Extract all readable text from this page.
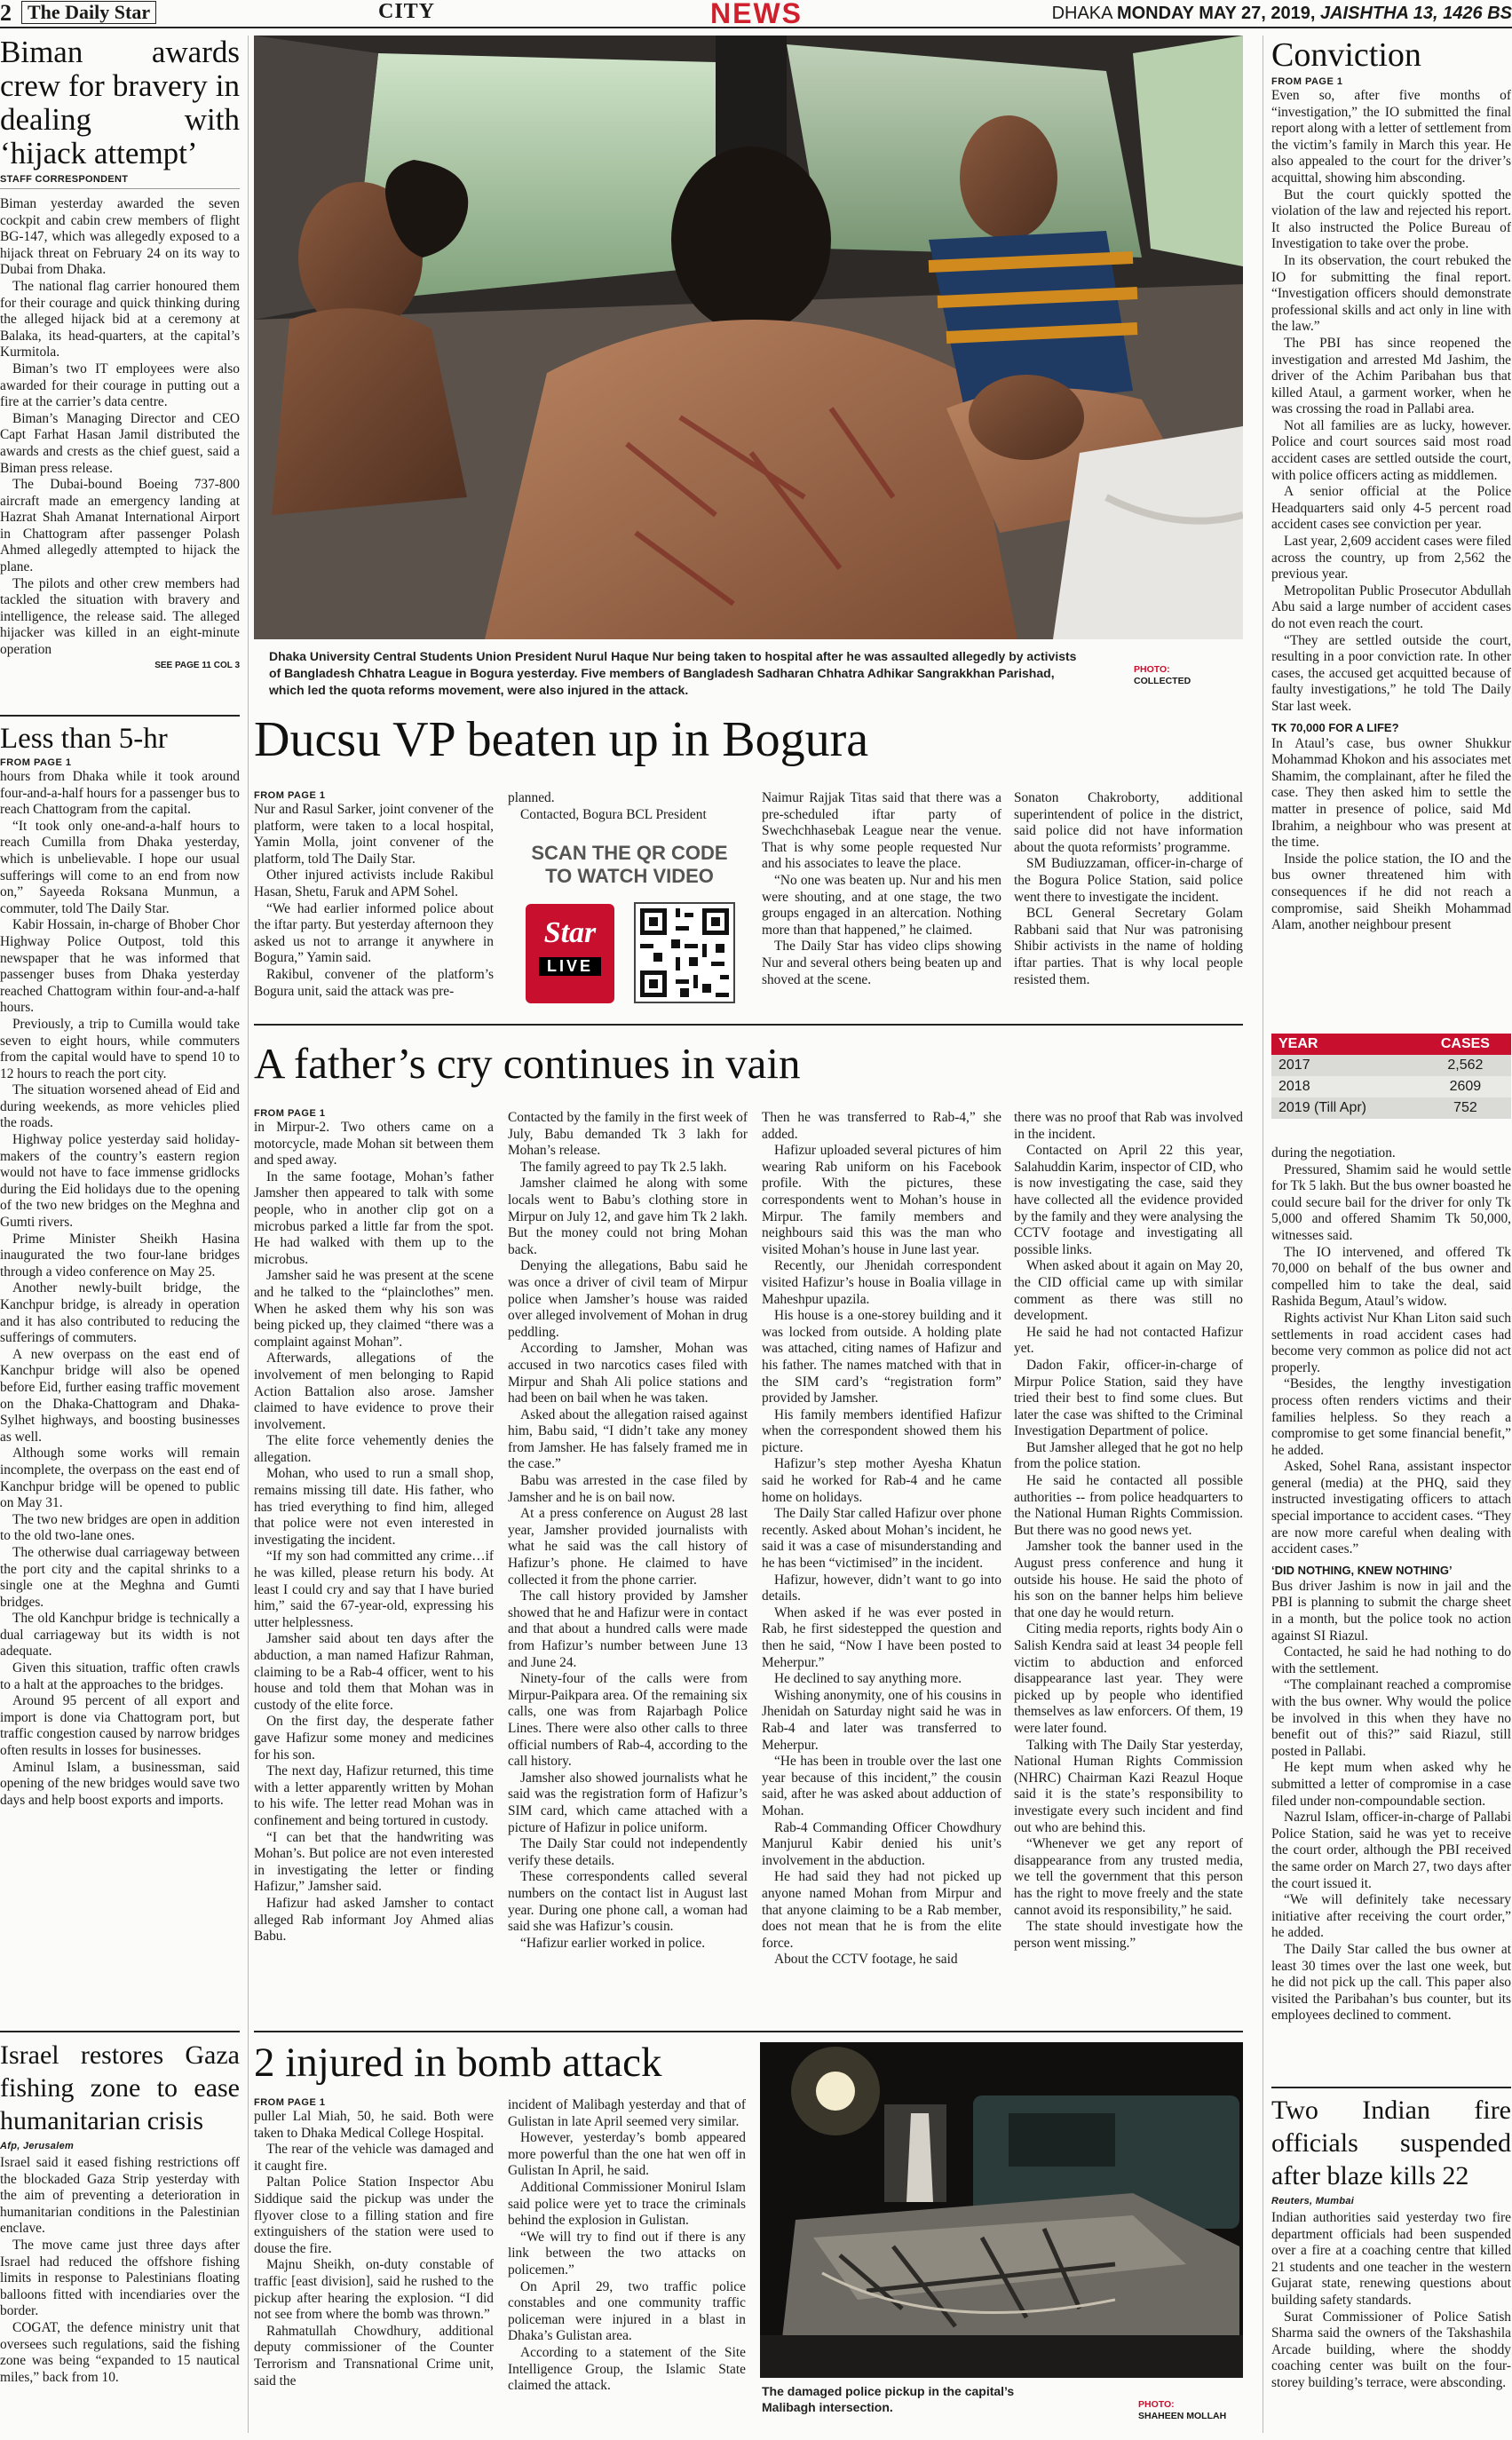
2 The Daily Star	CITY	NEWS	DHAKA MONDAY MAY 27, 2019, JAISHTHA 13, 1426 BS
Biman awards crew for bravery in dealing with ‘hijack attempt’
STAFF CORRESPONDENT

Biman yesterday awarded the seven cockpit and cabin crew members of flight BG-147, which was allegedly exposed to a hijack threat on February 24 on its way to Dubai from Dhaka.

The national flag carrier honoured them for their courage and quick thinking during the alleged hijack bid at a ceremony at Balaka, its head-quarters, at the capital’s Kurmitola.

Biman’s two IT employees were also awarded for their courage in putting out a fire at the carrier’s data centre.

Biman’s Managing Director and CEO Capt Farhat Hasan Jamil distributed the awards and crests as the chief guest, said a Biman press release.

The Dubai-bound Boeing 737-800 aircraft made an emergency landing at Hazrat Shah Amanat International Airport in Chattogram after passenger Polash Ahmed allegedly attempted to hijack the plane.

The pilots and other crew members had tackled the situation with bravery and intelligence, the release said. The alleged hijacker was killed in an eight-minute operation

SEE PAGE 11 COL 3
Less than 5-hr
FROM PAGE 1

hours from Dhaka while it took around four-and-a-half hours for a passenger bus to reach Chattogram from the capital.

“It took only one-and-a-half hours to reach Cumilla from Dhaka yesterday, which is unbelievable. I hope our usual sufferings will come to an end from now on,” Sayeeda Roksana Munmun, a commuter, told The Daily Star.

Kabir Hossain, in-charge of Bhober Chor Highway Police Outpost, told this newspaper that he was informed that passenger buses from Dhaka yesterday reached Chattogram within four-and-a-half hours.

Previously, a trip to Cumilla would take seven to eight hours, while commuters from the capital would have to spend 10 to 12 hours to reach the port city.

The situation worsened ahead of Eid and during weekends, as more vehicles plied the roads.

Highway police yesterday said holiday-makers of the country’s eastern region would not have to face immense gridlocks during the Eid holidays due to the opening of the two new bridges on the Meghna and Gumti rivers.

Prime Minister Sheikh Hasina inaugurated the two four-lane bridges through a video conference on May 25.

Another newly-built bridge, the Kanchpur bridge, is already in operation and it has also contributed to reducing the sufferings of commuters.

A new overpass on the east end of Kanchpur bridge will also be opened before Eid, further easing traffic movement on the Dhaka-Chattogram and Dhaka-Sylhet highways, and boosting businesses as well.

Although some works will remain incomplete, the overpass on the east end of Kanchpur bridge will be opened to public on May 31.

The two new bridges are open in addition to the old two-lane ones.

The otherwise dual carriageway between the port city and the capital shrinks to a single one at the Meghna and Gumti bridges.

The old Kanchpur bridge is technically a dual carriageway but its width is not adequate.

Given this situation, traffic often crawls to a halt at the approaches to the bridges.

Around 95 percent of all export and import is done via Chattogram port, but traffic congestion caused by narrow bridges often results in losses for businesses.

Aminul Islam, a businessman, said opening of the new bridges would save two days and help boost exports and imports.

Israel restores Gaza fishing zone to ease humanitarian crisis
Afp, Jerusalem

Israel said it eased fishing restrictions off the blockaded Gaza Strip yesterday with the aim of preventing a deterioration in humanitarian conditions in the Palestinian enclave.

The move came just three days after Israel had reduced the offshore fishing limits in response to Palestinians floating balloons fitted with incendiaries over the border.

COGAT, the defence ministry unit that oversees such regulations, said the fishing zone was being “expanded to 15 nautical miles,” back from 10.

Dhaka University Central Students Union President Nurul Haque Nur being taken to hospital after he was assaulted allegedly by activists of Bangladesh Chhatra League in Bogura yesterday. Five members of Bangladesh Sadharan Chhatra Adhikar Sangrakkhan Parishad, which led the quota reforms movement, were also injured in the attack.
PHOTO:
COLLECTED
Ducsu VP beaten up in Bogura
FROM PAGE 1

Nur and Rasul Sarker, joint convener of the platform, were taken to a local hospital, Yamin Molla, joint convener of the platform, told The Daily Star.

Other injured activists include Rakibul Hasan, Shetu, Faruk and APM Sohel.

“We had earlier informed police about the iftar party. But yesterday afternoon they asked us not to arrange it anywhere in Bogura,” Yamin said.

Rakibul, convener of the platform’s Bogura unit, said the attack was pre-

planned.

Contacted, Bogura BCL President

SCAN THE QR CODE TO WATCH VIDEO
Star
LIVE

Naimur Rajjak Titas said that there was a pre-scheduled iftar party of Swechchhasebak League near the venue. That is why some people requested Nur and his associates to leave the place.

“No one was beaten up. Nur and his men were shouting, and at one stage, the two groups engaged in an altercation. Nothing more than that happened,” he claimed.

The Daily Star has video clips showing Nur and several others being beaten up and shoved at the scene.

Sonaton Chakroborty, additional superintendent of police in the district, said police did not have information about the quota reformists’ programme.

SM Budiuzzaman, officer-in-charge of the Bogura Police Station, said police went there to investigate the incident.

BCL General Secretary Golam Rabbani said that Nur was patronising Shibir activists in the name of holding iftar parties. That is why local people resisted them.

A father’s cry continues in vain
FROM PAGE 1

in Mirpur-2. Two others came on a motorcycle, made Mohan sit between them and sped away.

In the same footage, Mohan’s father Jamsher then appeared to talk with some people, who in another clip got on a microbus parked a little far from the spot. He had walked with them up to the microbus.

Jamsher said he was present at the scene and he talked to the “plainclothes” men. When he asked them why his son was being picked up, they claimed “there was a complaint against Mohan”.

Afterwards, allegations of the involvement of men belonging to Rapid Action Battalion also arose. Jamsher claimed to have evidence to prove their involvement.

The elite force vehemently denies the allegation.

Mohan, who used to run a small shop, remains missing till date. His father, who has tried everything to find him, alleged that police were not even interested in investigating the incident.

“If my son had committed any crime…if he was killed, please return his body. At least I could cry and say that I have buried him,” said the 67-year-old, expressing his utter helplessness.

Jamsher said about ten days after the abduction, a man named Hafizur Rahman, claiming to be a Rab-4 officer, went to his house and told them that Mohan was in custody of the elite force.

On the first day, the desperate father gave Hafizur some money and medicines for his son.

The next day, Hafizur returned, this time with a letter apparently written by Mohan to his wife. The letter read Mohan was in confinement and being tortured in custody.

“I can bet that the handwriting was Mohan’s. But police are not even interested in investigating the letter or finding Hafizur,” Jamsher said.

Hafizur had asked Jamsher to contact alleged Rab informant Joy Ahmed alias Babu.

Contacted by the family in the first week of July, Babu demanded Tk 3 lakh for Mohan’s release.

The family agreed to pay Tk 2.5 lakh.

Jamsher claimed he along with some locals went to Babu’s clothing store in Mirpur on July 12, and gave him Tk 2 lakh. But the money could not bring Mohan back.

Denying the allegations, Babu said he was once a driver of civil team of Mirpur police when Jamsher’s house was raided over alleged involvement of Mohan in drug peddling.

According to Jamsher, Mohan was accused in two narcotics cases filed with Mirpur and Shah Ali police stations and had been on bail when he was taken.

Asked about the allegation raised against him, Babu said, “I didn’t take any money from Jamsher. He has falsely framed me in the case.”

Babu was arrested in the case filed by Jamsher and he is on bail now.

At a press conference on August 28 last year, Jamsher provided journalists with what he said was the call history of Hafizur’s phone. He claimed to have collected it from the phone carrier.

The call history provided by Jamsher showed that he and Hafizur were in contact and that about a hundred calls were made from Hafizur’s number between June 13 and June 24.

Ninety-four of the calls were from Mirpur-Paikpara area. Of the remaining six calls, one was from Rajarbagh Police Lines. There were also other calls to three official numbers of Rab-4, according to the call history.

Jamsher also showed journalists what he said was the registration form of Hafizur’s SIM card, which came attached with a picture of Hafizur in police uniform.

The Daily Star could not independently verify these details.

These correspondents called several numbers on the contact list in August last year. During one phone call, a woman had said she was Hafizur’s cousin.

“Hafizur earlier worked in police.

Then he was transferred to Rab-4,” she added.

Hafizur uploaded several pictures of him wearing Rab uniform on his Facebook profile. With the pictures, these correspondents went to Mohan’s house in Mirpur. The family members and neighbours said this was the man who visited Mohan’s house in June last year.

Recently, our Jhenidah correspondent visited Hafizur’s house in Boalia village in Maheshpur upazila.

His house is a one-storey building and it was locked from outside. A holding plate was attached, citing names of Hafizur and his father. The names matched with that in the SIM card’s “registration form” provided by Jamsher.

His family members identified Hafizur when the correspondent showed them his picture.

Hafizur’s step mother Ayesha Khatun said he worked for Rab-4 and he came home on holidays.

The Daily Star called Hafizur over phone recently. Asked about Mohan’s incident, he said it was a case of misunderstanding and he has been “victimised” in the incident.

Hafizur, however, didn’t want to go into details.

When asked if he was ever posted in Rab, he first sidestepped the question and then he said, “Now I have been posted to Meherpur.”

He declined to say anything more.

Wishing anonymity, one of his cousins in Jhenidah on Saturday night said he was in Rab-4 and later was transferred to Meherpur.

“He has been in trouble over the last one year because of this incident,” the cousin said, after he was asked about adduction of Mohan.

Rab-4 Commanding Officer Chowdhury Manjurul Kabir denied his unit’s involvement in the abduction.

He had said they had not picked up anyone named Mohan from Mirpur and that anyone claiming to be a Rab member, does not mean that he is from the elite force.

About the CCTV footage, he said

there was no proof that Rab was involved in the incident.

Contacted on April 22 this year, Salahuddin Karim, inspector of CID, who is now investigating the case, said they have collected all the evidence provided by the family and they were analysing the CCTV footage and investigating all possible links.

When asked about it again on May 20, the CID official came up with similar comment as there was still no development.

He said he had not contacted Hafizur yet.

Dadon Fakir, officer-in-charge of Mirpur Police Station, said they have tried their best to find some clues. But later the case was shifted to the Criminal Investigation Department of police.

But Jamsher alleged that he got no help from the police station.

He said he contacted all possible authorities -- from police headquarters to the National Human Rights Commission. But there was no good news yet.

Jamsher took the banner used in the August press conference and hung it outside his house. He said the photo of his son on the banner helps him believe that one day he would return.

Citing media reports, rights body Ain o Salish Kendra said at least 34 people fell victim to abduction and enforced disappearance last year. They were picked up by people who identified themselves as law enforcers. Of them, 19 were later found.

Talking with The Daily Star yesterday, National Human Rights Commission (NHRC) Chairman Kazi Reazul Hoque said it is the state’s responsibility to investigate every such incident and find out who are behind this.

“Whenever we get any report of disappearance from any trusted media, we tell the government that this person has the right to move freely and the state cannot avoid its responsibility,” he said.

The state should investigate how the person went missing.”

2 injured in bomb attack
FROM PAGE 1

puller Lal Miah, 50, he said. Both were taken to Dhaka Medical College Hospital.

The rear of the vehicle was damaged and it caught fire.

Paltan Police Station Inspector Abu Siddique said the pickup was under the flyover close to a filling station and fire extinguishers of the station were used to douse the fire.

Majnu Sheikh, on-duty constable of traffic [east division], said he rushed to the pickup after hearing the explosion. “I did not see from where the bomb was thrown.”

Rahmatullah Chowdhury, additional deputy commissioner of the Counter Terrorism and Transnational Crime unit, said the

incident of Malibagh yesterday and that of Gulistan in late April seemed very similar.

However, yesterday’s bomb appeared more powerful than the one hat wen off in Gulistan In April, he said.

Additional Commissioner Monirul Islam said police were yet to trace the criminals behind the explosion in Gulistan.

“We will try to find out if there is any link between the two attacks on policemen.”

On April 29, two traffic police constables and one community traffic policeman were injured in a blast in Dhaka’s Gulistan area.

According to a statement of the Site Intelligence Group, the Islamic State claimed the attack.	The damaged police pickup in the capital’s Malibagh intersection.	PHOTO:
SHAHEEN MOLLAH
Conviction
FROM PAGE 1

Even so, after five months of “investigation,” the IO submitted the final report along with a letter of settlement from the victim’s family in March this year. He also appealed to the court for the driver’s acquittal, showing him absconding.

But the court quickly spotted the violation of the law and rejected his report. It also instructed the Police Bureau of Investigation to take over the probe.

In its observation, the court rebuked the IO for submitting the final report. “Investigation officers should demonstrate professional skills and act only in line with the law.”

The PBI has since reopened the investigation and arrested Md Jashim, the driver of the Achim Paribahan bus that killed Ataul, a garment worker, when he was crossing the road in Pallabi area.

Not all families are as lucky, however. Police and court sources said most road accident cases are settled outside the court, with police officers acting as middlemen.

A senior official at the Police Headquarters said only 4-5 percent road accident cases see conviction per year.

Last year, 2,609 accident cases were filed across the country, up from 2,562 the previous year.

Metropolitan Public Prosecutor Abdullah Abu said a large number of accident cases do not even reach the court.

“They are settled outside the court, resulting in a poor conviction rate. In other cases, the accused get acquitted because of faulty investigations,” he told The Daily Star last week.

TK 70,000 FOR A LIFE?

In Ataul’s case, bus owner Shukkur Mohammad Khokon and his associates met Shamim, the complainant, after he filed the case. They then asked him to settle the matter in presence of police, said Md Ibrahim, a neighbour who was present at the time.

Inside the police station, the IO and the bus owner threatened him with consequences if he did not reach a compromise, said Sheikh Mohammad Alam, another neighbour present

YEAR	CASES
2017	2,562
2018	2609
2019 (Till Apr)	752

during the negotiation.

Pressured, Shamim said he would settle for Tk 5 lakh. But the bus owner boasted he could secure bail for the driver for only Tk 5,000 and offered Shamim Tk 50,000, witnesses said.

The IO intervened, and offered Tk 70,000 on behalf of the bus owner and compelled him to take the deal, said Rashida Begum, Ataul’s widow.

Rights activist Nur Khan Liton said such settlements in road accident cases had become very common as police did not act properly.

“Besides, the lengthy investigation process often renders victims and their families helpless. So they reach a compromise to get some financial benefit,” he added.

Asked, Sohel Rana, assistant inspector general (media) at the PHQ, said they instructed investigating officers to attach special importance to accident cases. “They are now more careful when dealing with accident cases.”

‘DID NOTHING, KNEW NOTHING’

Bus driver Jashim is now in jail and the PBI is planning to submit the charge sheet in a month, but the police took no action against SI Riazul.

Contacted, he said he had nothing to do with the settlement.

“The complainant reached a compromise with the bus owner. Why would the police be involved in this when they have no benefit out of this?” said Riazul, still posted in Pallabi.

He kept mum when asked why he submitted a letter of compromise in a case filed under non-compoundable section.

Nazrul Islam, officer-in-charge of Pallabi Police Station, said he was yet to receive the court order, although the PBI received the same order on March 27, two days after the court issued it.

“We will definitely take necessary initiative after receiving the court order,” he added.

The Daily Star called the bus owner at least 30 times over the last one week, but he did not pick up the call. This paper also visited the Paribahan’s bus counter, but its employees declined to comment.

Two Indian fire officials suspended after blaze kills 22
Reuters, Mumbai

Indian authorities said yesterday two fire department officials had been suspended over a fire at a coaching centre that killed 21 students and one teacher in the western Gujarat state, renewing questions about building safety standards.

Surat Commissioner of Police Satish Sharma said the owners of the Takshashila Arcade building, where the shoddy coaching center was built on the four-storey building’s terrace, were absconding.
